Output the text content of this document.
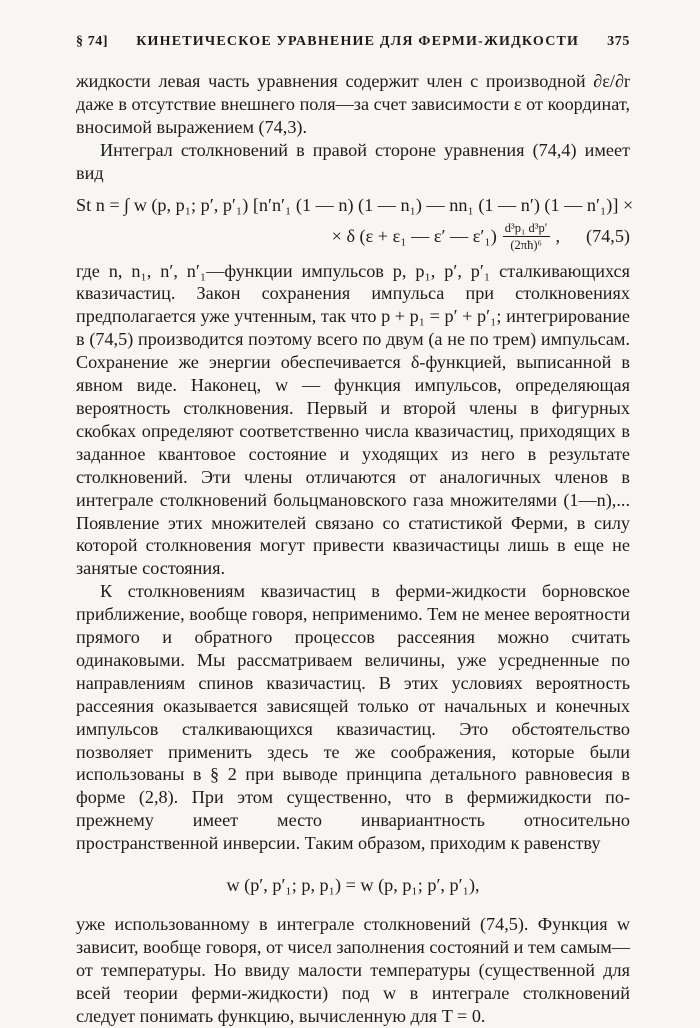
§ 74] КИНЕТИЧЕСКОЕ УРАВНЕНИЕ ДЛЯ ФЕРМИ-ЖИДКОСТИ 375

жидкости левая часть уравнения содержит член с производной ∂ε/∂r даже в отсутствие внешнего поля—за счет зависимости ε от координат, вносимой выражением (74,3).

Интеграл столкновений в правой стороне уравнения (74,4) имеет вид

St n = ∫ w (p, p₁; p′, p′₁) [n′n′₁ (1 — n) (1 — n₁) — nn₁ (1 — n′) (1 — n′₁)] ×
× δ (ε + ε₁ — ε′ — $\varepsilon'_1) \frac{\text{d³p₁ d³p′}}{\text{(2πħ)⁶}}$ , (74,5)

где n, n₁, n′, n′₁—функции импульсов p, p₁, p′, p′₁ сталкивающихся квазичастиц. Закон сохранения импульса при столкновениях предполагается уже учтенным, так что p + p₁ = p′ + p′₁; интегрирование в (74,5) производится поэтому всего по двум (а не по трем) импульсам. Сохранение же энергии обеспечивается δ-функцией, выписанной в явном виде. Наконец, w — функция импульсов, определяющая вероятность столкновения. Первый и второй члены в фигурных скобках определяют соответственно числа квазичастиц, приходящих в заданное квантовое состояние и уходящих из него в результате столкновений. Эти члены отличаются от аналогичных членов в интеграле столкновений больцмановского газа множителями (1—n),... Появление этих множителей связано со статистикой Ферми, в силу которой столкновения могут привести квазичастицы лишь в еще не занятые состояния.

К столкновениям квазичастиц в ферми-жидкости борновское приближение, вообще говоря, неприменимо. Тем не менее вероятности прямого и обратного процессов рассеяния можно считать одинаковыми. Мы рассматриваем величины, уже усредненные по направлениям спинов квазичастиц. В этих условиях вероятность рассеяния оказывается зависящей только от начальных и конечных импульсов сталкивающихся квазичастиц. Это обстоятельство позволяет применить здесь те же соображения, которые были использованы в § 2 при выводе принципа детального равновесия в форме (2,8). При этом существенно, что в фермижидкости по-прежнему имеет место инвариантность относительно пространственной инверсии. Таким образом, приходим к равенству

w (p′, p′₁; p, p₁) = w (p, p₁; p′, p′₁),

уже использованному в интеграле столкновений (74,5). Функция w зависит, вообще говоря, от чисел заполнения состояний и тем самым—от температуры. Но ввиду малости температуры (существенной для всей теории ферми-жидкости) под w в интеграле столкновений следует понимать функцию, вычисленную для T = 0.
